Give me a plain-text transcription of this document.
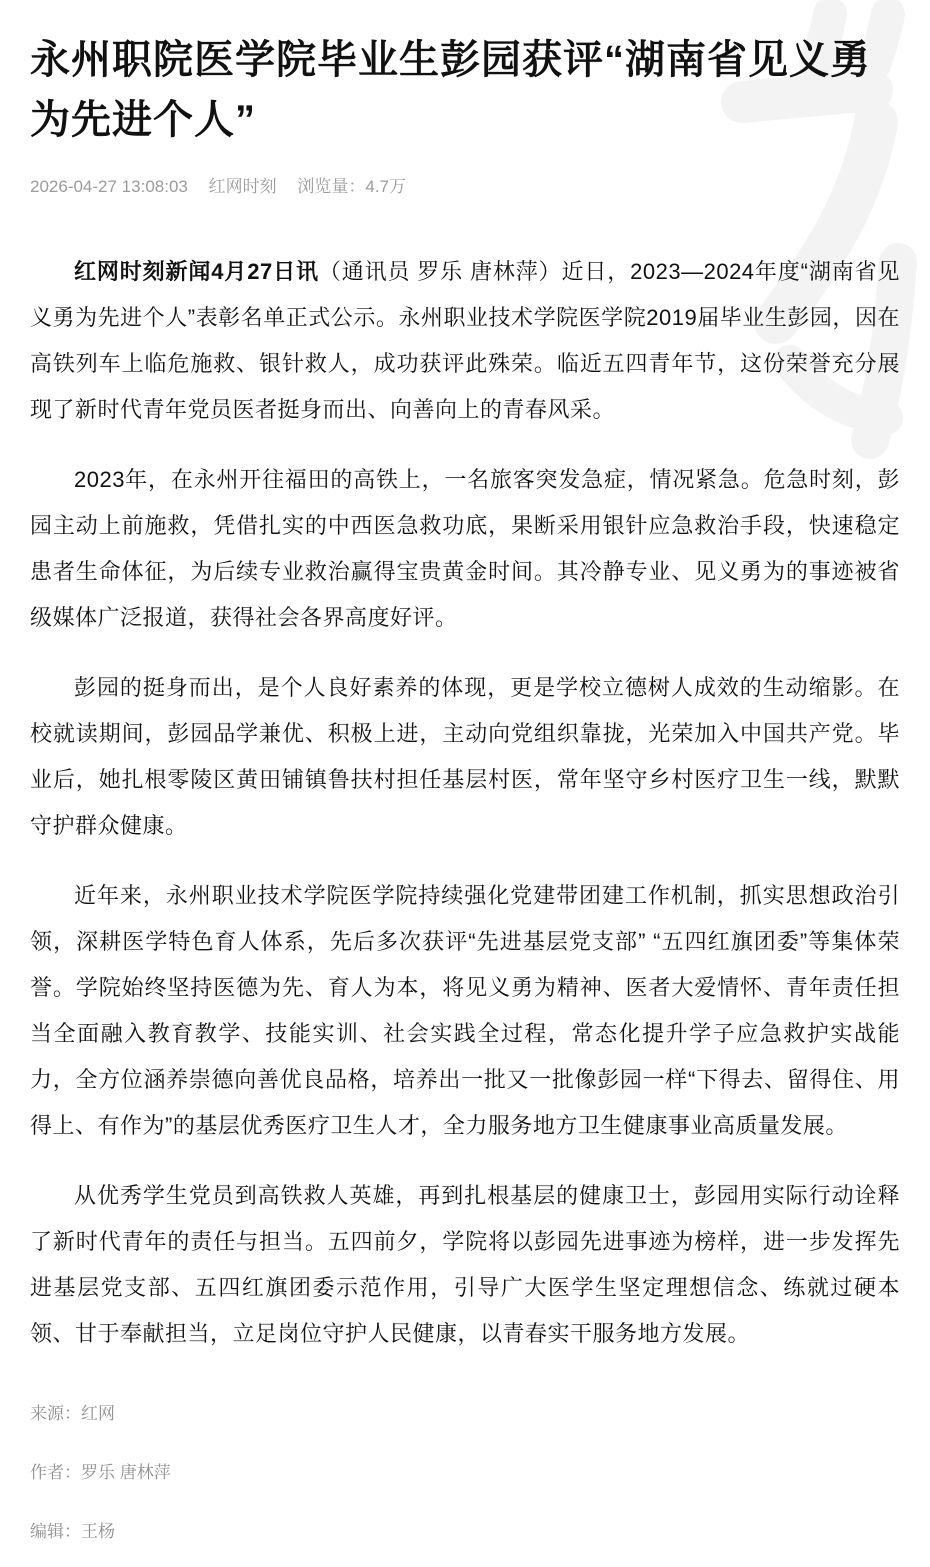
永州职院医学院毕业生彭园获评“湖南省见义勇为先进个人”
2026-04-27 13:08:03 红网时刻 浏览量：4.7万

红网时刻新闻4月27日讯（通讯员 罗乐 唐林萍）近日，2023—2024年度“湖南省见义勇为先进个人”表彰名单正式公示。永州职业技术学院医学院2019届毕业生彭园，因在高铁列车上临危施救、银针救人，成功获评此殊荣。临近五四青年节，这份荣誉充分展现了新时代青年党员医者挺身而出、向善向上的青春风采。

2023年，在永州开往福田的高铁上，一名旅客突发急症，情况紧急。危急时刻，彭园主动上前施救，凭借扎实的中西医急救功底，果断采用银针应急救治手段，快速稳定患者生命体征，为后续专业救治赢得宝贵黄金时间。其冷静专业、见义勇为的事迹被省级媒体广泛报道，获得社会各界高度好评。

彭园的挺身而出，是个人良好素养的体现，更是学校立德树人成效的生动缩影。在校就读期间，彭园品学兼优、积极上进，主动向党组织靠拢，光荣加入中国共产党。毕业后，她扎根零陵区黄田铺镇鲁扶村担任基层村医，常年坚守乡村医疗卫生一线，默默守护群众健康。

近年来，永州职业技术学院医学院持续强化党建带团建工作机制，抓实思想政治引领，深耕医学特色育人体系，先后多次获评“先进基层党支部” “五四红旗团委”等集体荣誉。学院始终坚持医德为先、育人为本，将见义勇为精神、医者大爱情怀、青年责任担当全面融入教育教学、技能实训、社会实践全过程，常态化提升学子应急救护实战能力，全方位涵养崇德向善优良品格，培养出一批又一批像彭园一样“下得去、留得住、用得上、有作为”的基层优秀医疗卫生人才，全力服务地方卫生健康事业高质量发展。

从优秀学生党员到高铁救人英雄，再到扎根基层的健康卫士，彭园用实际行动诠释了新时代青年的责任与担当。五四前夕，学院将以彭园先进事迹为榜样，进一步发挥先进基层党支部、五四红旗团委示范作用，引导广大医学生坚定理想信念、练就过硬本领、甘于奉献担当，立足岗位守护人民健康，以青春实干服务地方发展。

来源：红网
作者：罗乐 唐林萍
编辑：王杨
